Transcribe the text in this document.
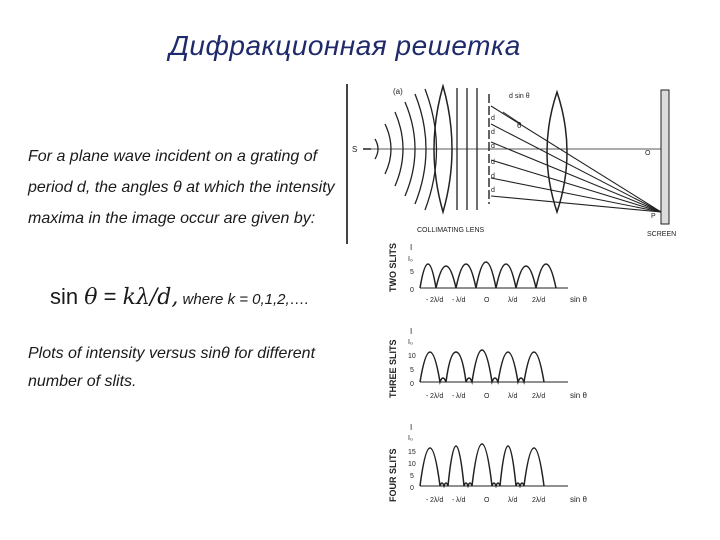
Дифракционная решетка
For a plane wave incident on a grating of period d, the angles θ at which the intensity maxima in the image occur are given by:
sin θ = kλ/d, where k = 0,1,2,….
Plots of intensity versus sinθ for different number of slits.
(a)
S
d
d
d
d
d
d
d sin θ
θ
O
P
COLLIMATING LENS
SCREEN
TWO SLITS I
I₀
5
0
sin θ
- 2λ/d - λ/d	O	λ/d 2λ/d
THREE SLITS
I
I₀
10
5
0
sin θ
- 2λ/d - λ/d	O	λ/d 2λ/d
FOUR SLITS
I
I₀
15
10
5
0
sin θ
- 2λ/d - λ/d	O	λ/d 2λ/d
